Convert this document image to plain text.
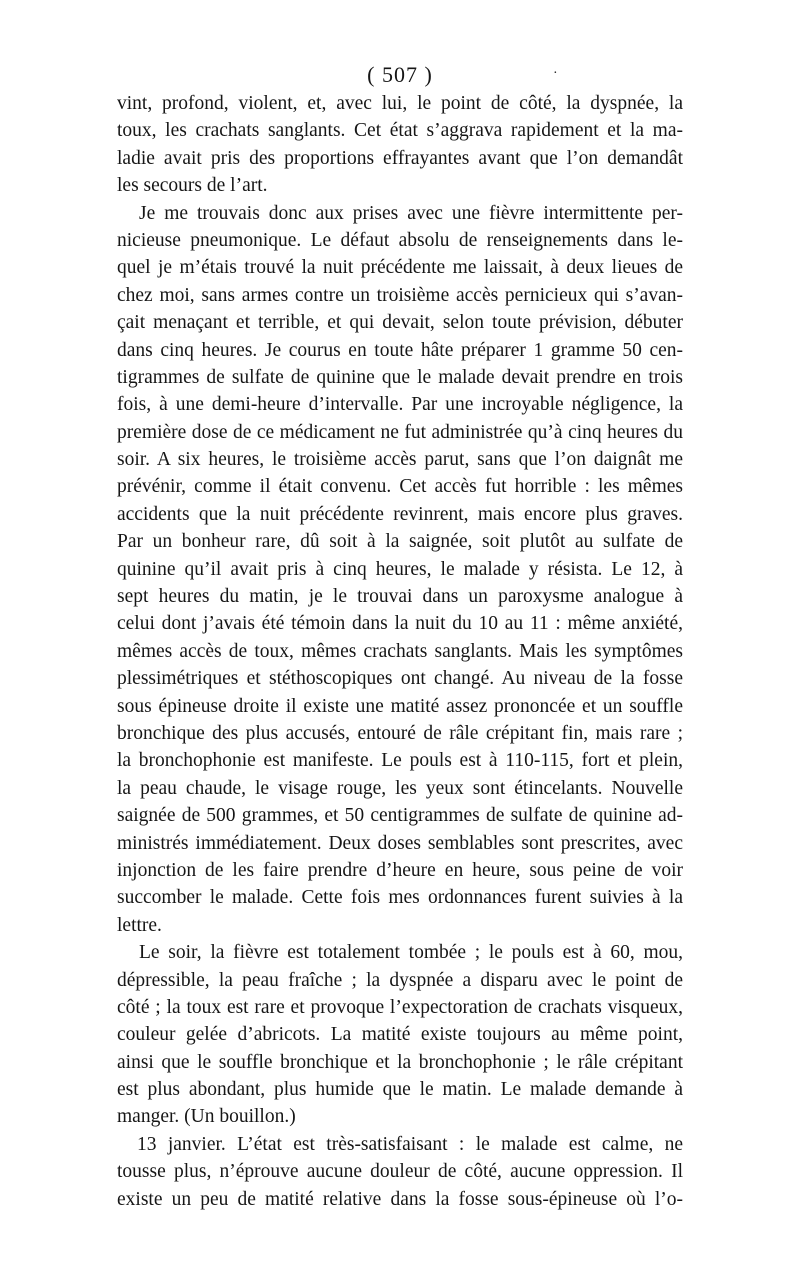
( 507 )	·
vint, profond, violent, et, avec lui, le point de côté, la dyspnée, la
toux, les crachats sanglants. Cet état s’aggrava rapidement et la ma-
ladie avait pris des proportions effrayantes avant que l’on demandât
les secours de l’art.
Je me trouvais donc aux prises avec une fièvre intermittente per-
nicieuse pneumonique. Le défaut absolu de renseignements dans le-
quel je m’étais trouvé la nuit précédente me laissait, à deux lieues de
chez moi, sans armes contre un troisième accès pernicieux qui s’avan-
çait menaçant et terrible, et qui devait, selon toute prévision, débuter
dans cinq heures. Je courus en toute hâte préparer 1 gramme 50 cen-
tigrammes de sulfate de quinine que le malade devait prendre en trois
fois, à une demi-heure d’intervalle. Par une incroyable négligence, la
première dose de ce médicament ne fut administrée qu’à cinq heures du
soir. A six heures, le troisième accès parut, sans que l’on daignât me
prévénir, comme il était convenu. Cet accès fut horrible : les mêmes
accidents que la nuit précédente revinrent, mais encore plus graves.
Par un bonheur rare, dû soit à la saignée, soit plutôt au sulfate de
quinine qu’il avait pris à cinq heures, le malade y résista. Le 12, à
sept heures du matin, je le trouvai dans un paroxysme analogue à
celui dont j’avais été témoin dans la nuit du 10 au 11 : même anxiété,
mêmes accès de toux, mêmes crachats sanglants. Mais les symptômes
plessimétriques et stéthoscopiques ont changé. Au niveau de la fosse
sous épineuse droite il existe une matité assez prononcée et un souffle
bronchique des plus accusés, entouré de râle crépitant fin, mais rare ;
la bronchophonie est manifeste. Le pouls est à 110-115, fort et plein,
la peau chaude, le visage rouge, les yeux sont étincelants. Nouvelle
saignée de 500 grammes, et 50 centigrammes de sulfate de quinine ad-
ministrés immédiatement. Deux doses semblables sont prescrites, avec
injonction de les faire prendre d’heure en heure, sous peine de voir
succomber le malade. Cette fois mes ordonnances furent suivies à la
lettre.
Le soir, la fièvre est totalement tombée ; le pouls est à 60, mou,
dépressible, la peau fraîche ; la dyspnée a disparu avec le point de
côté ; la toux est rare et provoque l’expectoration de crachats visqueux,
couleur gelée d’abricots. La matité existe toujours au même point,
ainsi que le souffle bronchique et la bronchophonie ; le râle crépitant
est plus abondant, plus humide que le matin. Le malade demande à
manger. (Un bouillon.)
13 janvier. L’état est très-satisfaisant : le malade est calme, ne
tousse plus, n’éprouve aucune douleur de côté, aucune oppression. Il
existe un peu de matité relative dans la fosse sous-épineuse où l’o-
